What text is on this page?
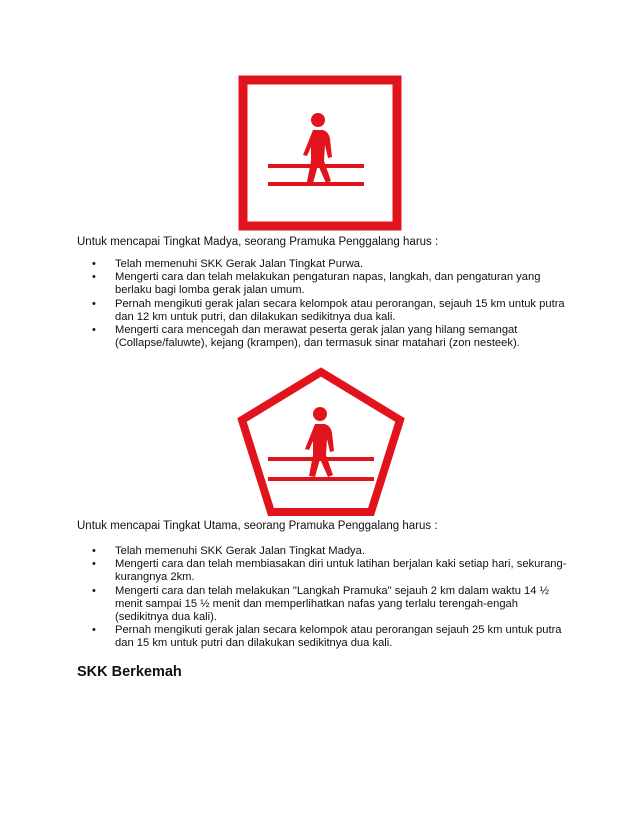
Untuk mencapai Tingkat Madya, seorang Pramuka Penggalang harus :

• Telah memenuhi SKK Gerak Jalan Tingkat Purwa.
• Mengerti cara dan telah melakukan pengaturan napas, langkah, dan pengaturan yang berlaku bagi lomba gerak jalan umum.
• Pernah mengikuti gerak jalan secara kelompok atau perorangan, sejauh 15 km untuk putra dan 12 km untuk putri, dan dilakukan sedikitnya dua kali.
• Mengerti cara mencegah dan merawat peserta gerak jalan yang hilang semangat (Collapse/faluwte), kejang (krampen), dan termasuk sinar matahari (zon nesteek).

Untuk mencapai Tingkat Utama, seorang Pramuka Penggalang harus :

• Telah memenuhi SKK Gerak Jalan Tingkat Madya.
• Mengerti cara dan telah membiasakan diri untuk latihan berjalan kaki setiap hari, sekurang-kurangnya 2km.
• Mengerti cara dan telah melakukan "Langkah Pramuka" sejauh 2 km dalam waktu 14 ½ menit sampai 15 ½ menit dan memperlihatkan nafas yang terlalu terengah-engah (sedikitnya dua kali).
• Pernah mengikuti gerak jalan secara kelompok atau perorangan sejauh 25 km untuk putra dan 15 km untuk putri dan dilakukan sedikitnya dua kali.
SKK Berkemah
